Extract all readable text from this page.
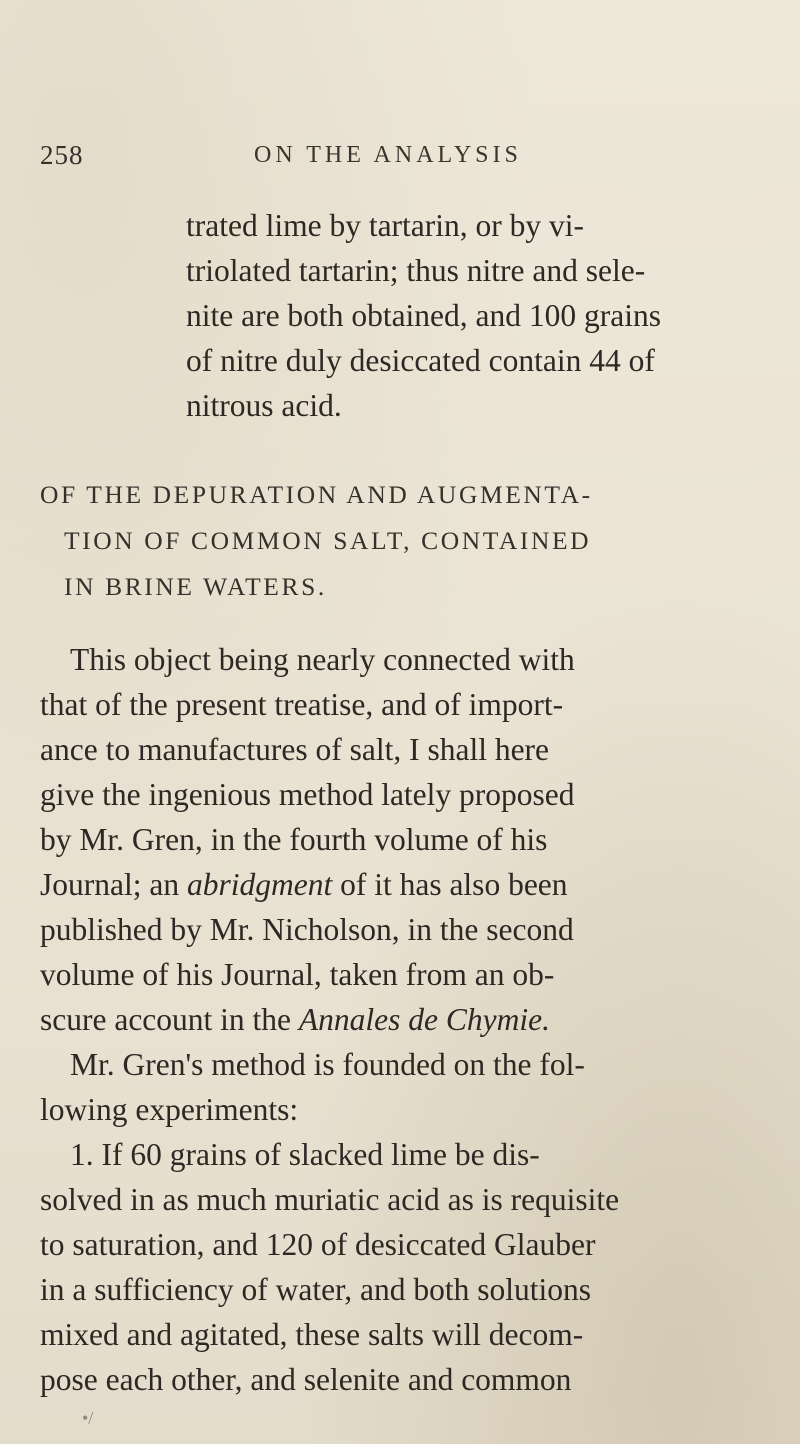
258	ON THE ANALYSIS
trated lime by tartarin, or by vi-
triolated tartarin; thus nitre and sele-
nite are both obtained, and 100 grains
of nitre duly desiccated contain 44 of
nitrous acid.
OF THE DEPURATION AND AUGMENTA-
TION OF COMMON SALT, CONTAINED
IN BRINE WATERS.
This object being nearly connected with
that of the present treatise, and of import-
ance to manufactures of salt, I shall here
give the ingenious method lately proposed
by Mr. Gren, in the fourth volume of his
Journal; an abridgment of it has also been
published by Mr. Nicholson, in the second
volume of his Journal, taken from an ob-
scure account in the Annales de Chymie.
Mr. Gren's method is founded on the fol-
lowing experiments:
1. If 60 grains of slacked lime be dis-
solved in as much muriatic acid as is requisite
to saturation, and 120 of desiccated Glauber
in a sufficiency of water, and both solutions
mixed and agitated, these salts will decom-
pose each other, and selenite and common
•/
